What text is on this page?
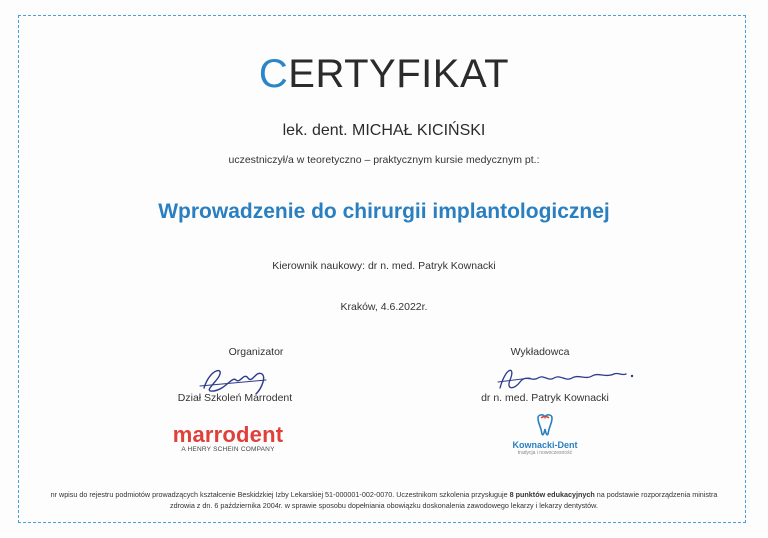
CERTYFIKAT
lek. dent. MICHAŁ KICIŃSKI
uczestniczył/a w teoretyczno – praktycznym kursie medycznym pt.:
Wprowadzenie do chirurgii implantologicznej
Kierownik naukowy: dr n. med. Patryk Kownacki
Kraków, 4.6.2022r.
Organizator
Dział Szkoleń Marrodent
Wykładowca
dr n. med. Patryk Kownacki
marrodent
A HENRY SCHEIN COMPANY	Kownacki-Dent
tradycja i nowoczesność
nr wpisu do rejestru podmiotów prowadzących kształcenie Beskidzkiej Izby Lekarskiej 51-000001-002-0070. Uczestnikom szkolenia przysługuje 8 punktów edukacyjnych na podstawie rozporządzenia ministra
zdrowia z dn. 6 października 2004r. w sprawie sposobu dopełniania obowiązku doskonalenia zawodowego lekarzy i lekarzy dentystów.
